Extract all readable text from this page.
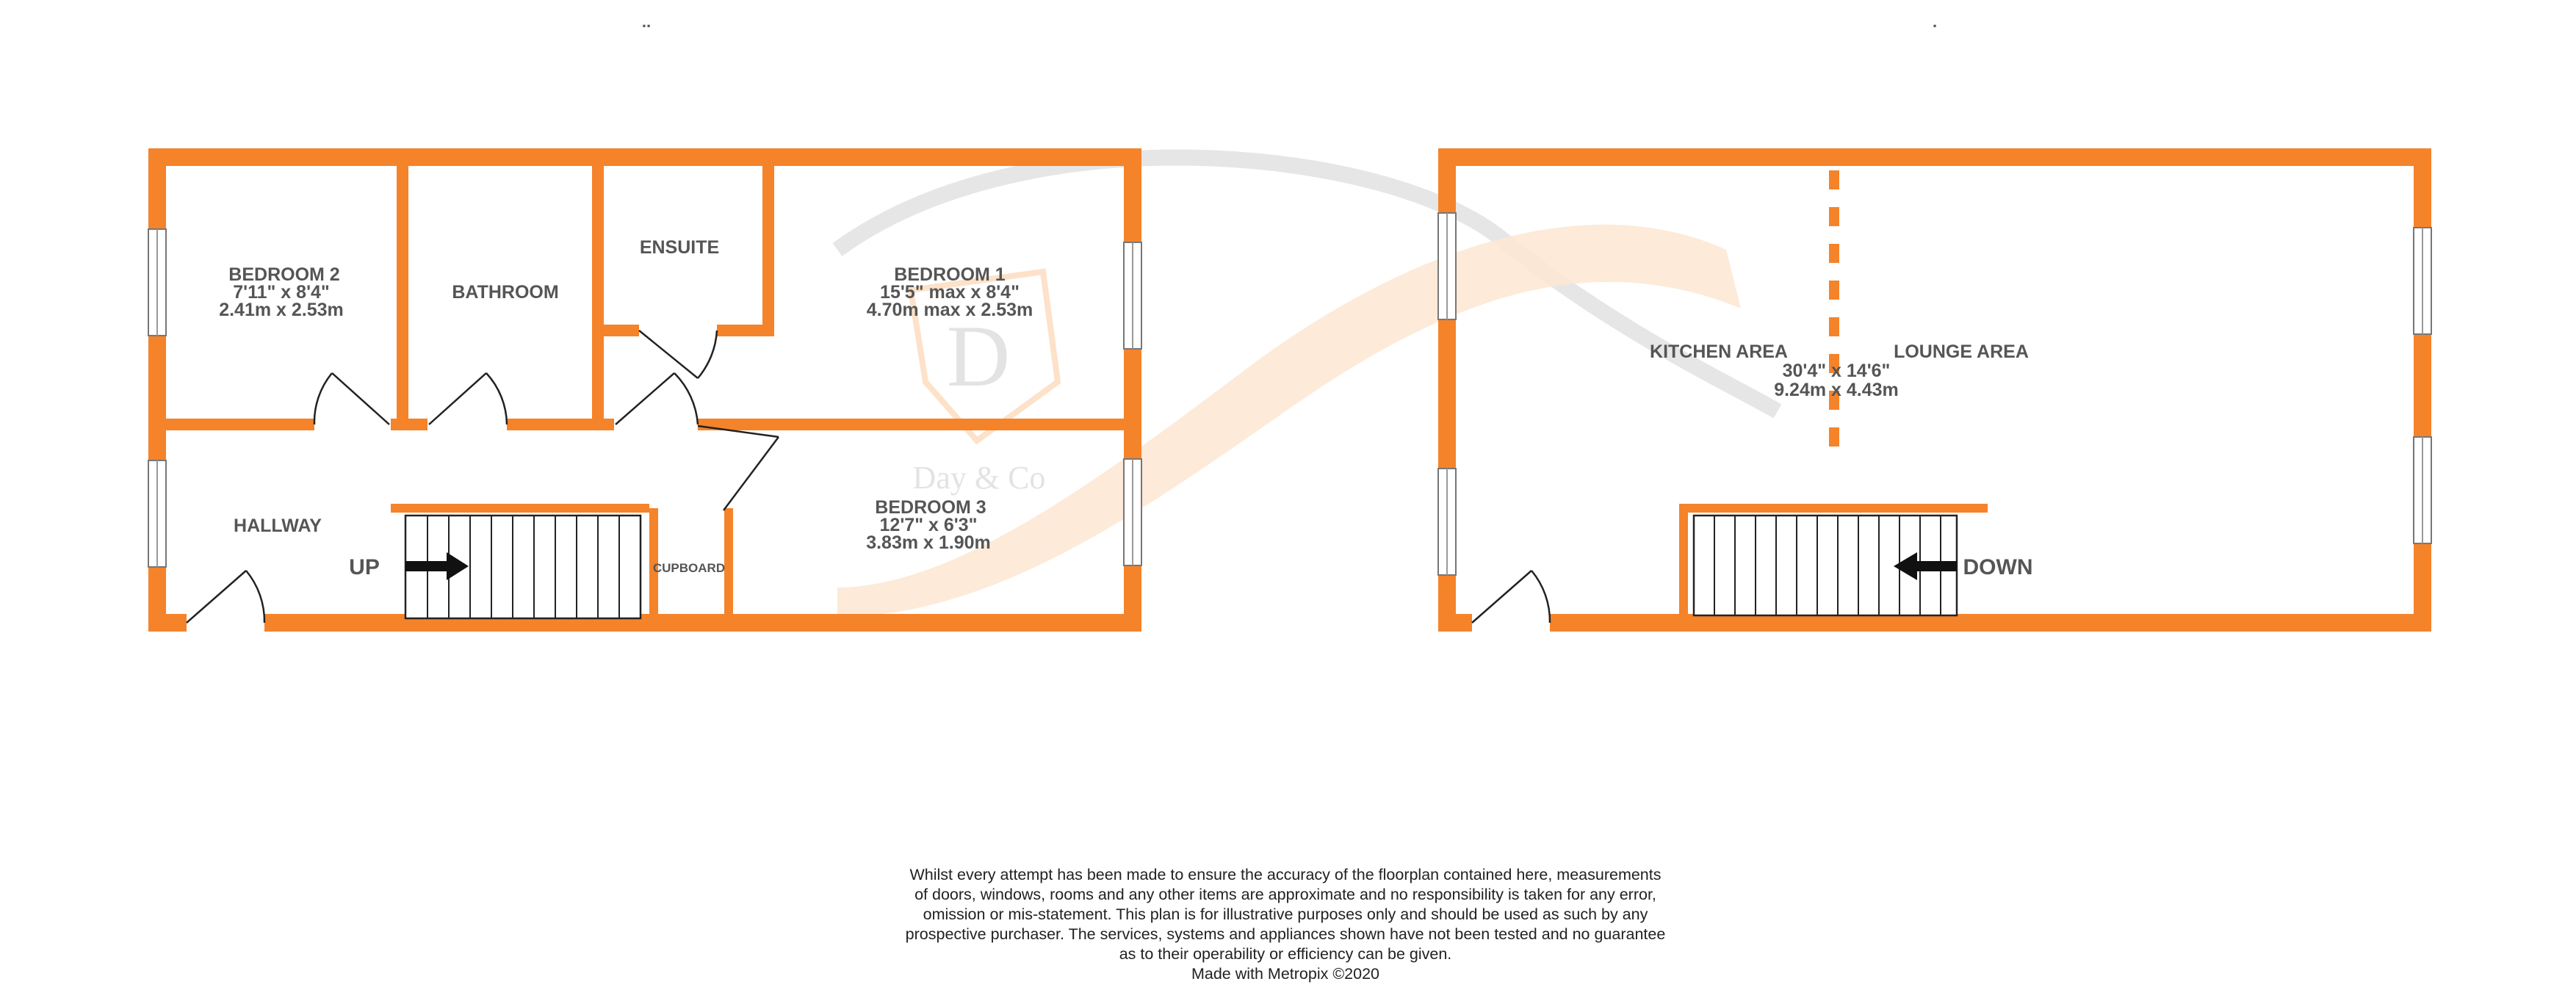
D
Day & Co
..	.
BEDROOM 2
7'11" x 8'4"
2.41m x 2.53m
BATHROOM
ENSUITE
BEDROOM 1
15'5" max x 8'4"
4.70m max x 2.53m
HALLWAY
BEDROOM 3
12'7" x 6'3"
3.83m x 1.90m
CUPBOARD
UP
KITCHEN AREA	LOUNGE AREA
30'4" x 14'6"
9.24m x 4.43m
DOWN
Whilst every attempt has been made to ensure the accuracy of the floorplan contained here, measurements
of doors, windows, rooms and any other items are approximate and no responsibility is taken for any error,
omission or mis-statement. This plan is for illustrative purposes only and should be used as such by any
prospective purchaser. The services, systems and appliances shown have not been tested and no guarantee
as to their operability or efficiency can be given.
Made with Metropix ©2020
